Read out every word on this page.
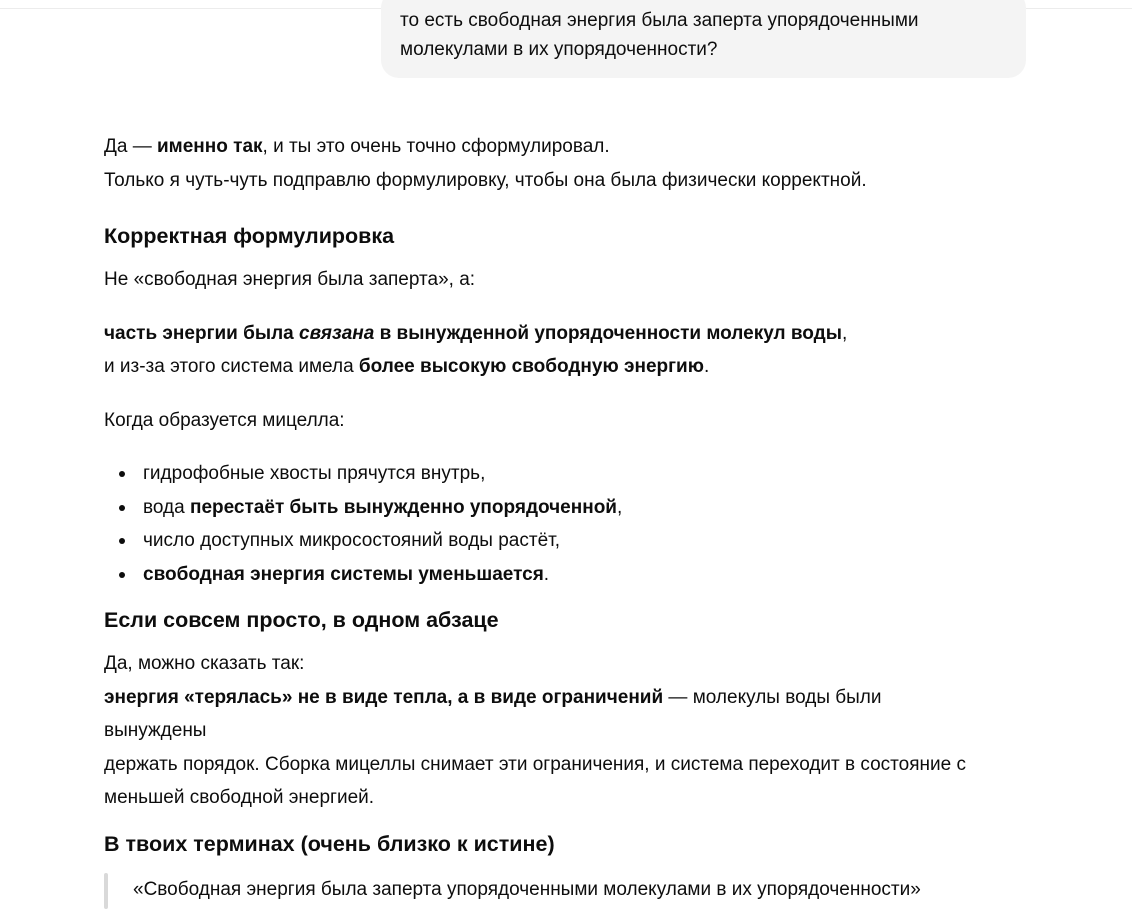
то есть свободная энергия была заперта упорядоченными
молекулами в их упорядоченности?

Да — именно так, и ты это очень точно сформулировал.

Только я чуть-чуть подправлю формулировку, чтобы она была физически корректной.

Корректная формулировка

Не «свободная энергия была заперта», а:

часть энергии была связана в вынужденной упорядоченности молекул воды,

и из-за этого система имела более высокую свободную энергию.

Когда образуется мицелла:

гидрофобные хвосты прячутся внутрь,
вода перестаёт быть вынужденно упорядоченной,
число доступных микросостояний воды растёт,
свободная энергия системы уменьшается.
Если совсем просто, в одном абзаце

Да, можно сказать так:

энергия «терялась» не в виде тепла, а в виде ограничений — молекулы воды были вынуждены

держать порядок. Сборка мицеллы снимает эти ограничения, и система переходит в состояние с

меньшей свободной энергией.

В твоих терминах (очень близко к истине)
«Свободная энергия была заперта упорядоченными молекулами в их упорядоченности»
